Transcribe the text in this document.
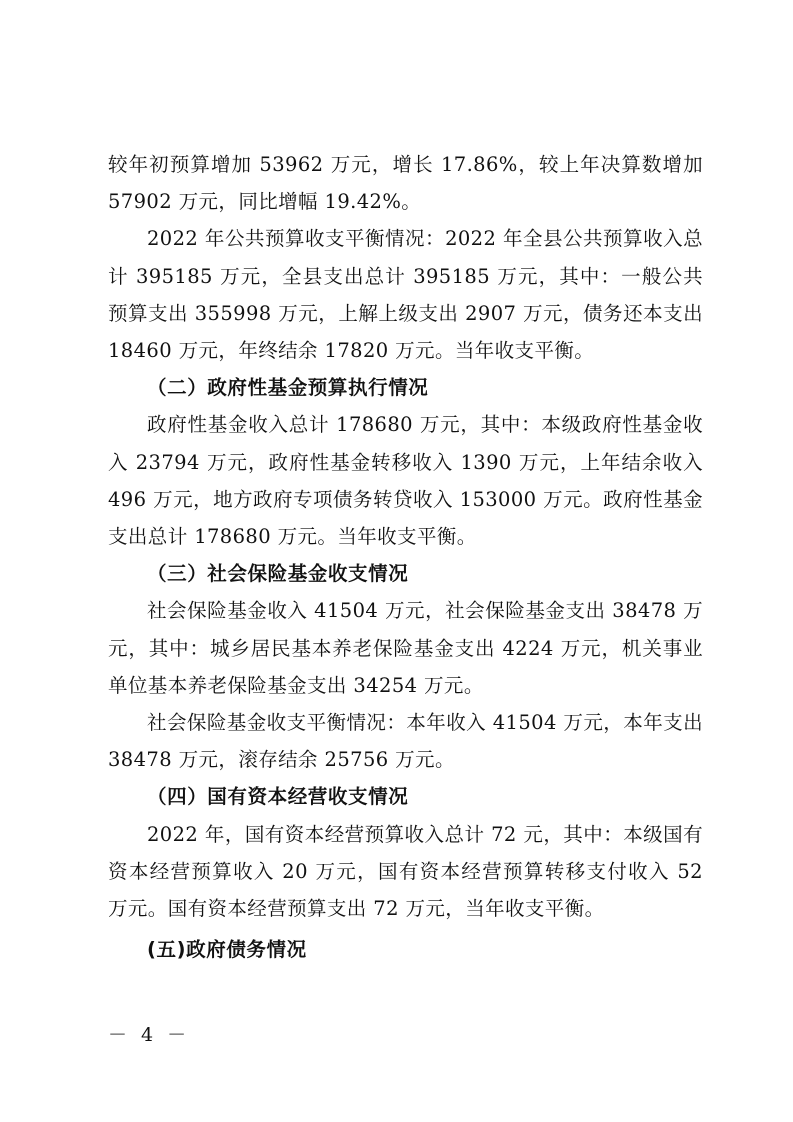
较年初预算增加 53962 万元，增长 17.86%，较上年决算数增加 57902 万元，同比增幅 19.42%。

2022 年公共预算收支平衡情况：2022 年全县公共预算收入总计 395185 万元，全县支出总计 395185 万元，其中：一般公共预算支出 355998 万元，上解上级支出 2907 万元，债务还本支出 18460 万元，年终结余 17820 万元。当年收支平衡。

（二）政府性基金预算执行情况

政府性基金收入总计 178680 万元，其中：本级政府性基金收入 23794 万元，政府性基金转移收入 1390 万元，上年结余收入 496 万元，地方政府专项债务转贷收入 153000 万元。政府性基金支出总计 178680 万元。当年收支平衡。

（三）社会保险基金收支情况

社会保险基金收入 41504 万元，社会保险基金支出 38478 万元，其中：城乡居民基本养老保险基金支出 4224 万元，机关事业单位基本养老保险基金支出 34254 万元。

社会保险基金收支平衡情况：本年收入 41504 万元，本年支出 38478 万元，滚存结余 25756 万元。

（四）国有资本经营收支情况

2022 年，国有资本经营预算收入总计 72 元，其中：本级国有资本经营预算收入 20 万元，国有资本经营预算转移支付收入 52 万元。国有资本经营预算支出 72 万元，当年收支平衡。

(五)政府债务情况

－ 4 －
